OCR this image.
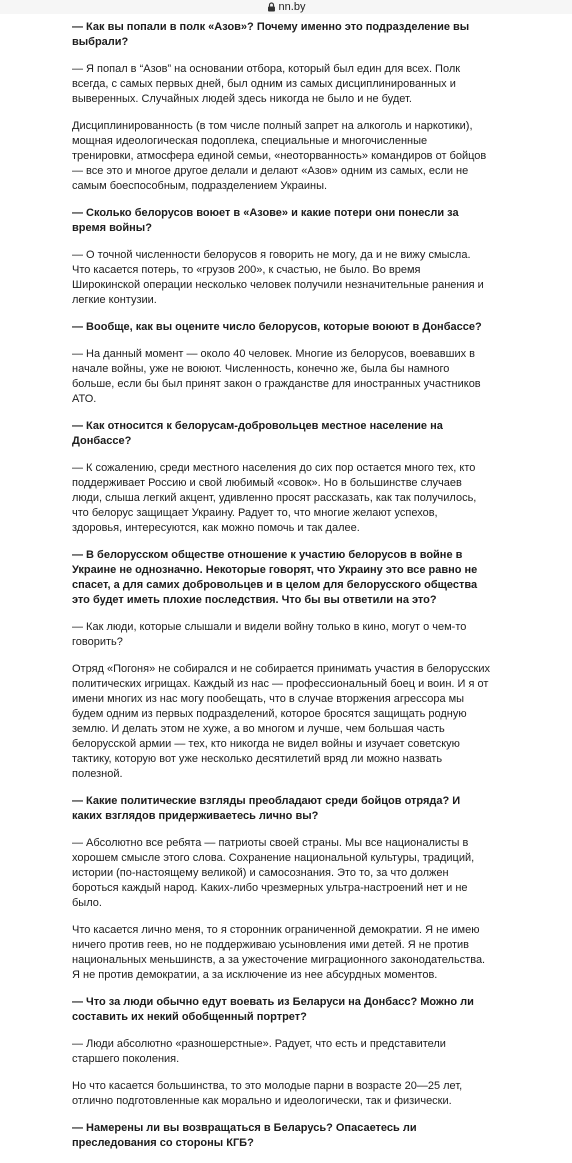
nn.by

— Как вы попали в полк «Азов»? Почему именно это подразделение вы выбрали?

— Я попал в “Азов” на основании отбора, который был един для всех. Полк всегда, с самых первых дней, был одним из самых дисциплинированных и выверенных. Случайных людей здесь никогда не было и не будет.

Дисциплинированность (в том числе полный запрет на алкоголь и наркотики), мощная идеологическая подоплека, специальные и многочисленные тренировки, атмосфера единой семьи, «неоторванность» командиров от бойцов — все это и многое другое делали и делают «Азов» одним из самых, если не самым боеспособным, подразделением Украины.

— Сколько белорусов воюет в «Азове» и какие потери они понесли за время войны?

— О точной численности белорусов я говорить не могу, да и не вижу смысла. Что касается потерь, то «грузов 200», к счастью, не было. Во время Широкинской операции несколько человек получили незначительные ранения и легкие контузии.

— Вообще, как вы оцените число белорусов, которые воюют в Донбассе?

— На данный момент — около 40 человек. Многие из белорусов, воевавших в начале войны, уже не воюют. Численность, конечно же, была бы намного больше, если бы был принят закон о гражданстве для иностранных участников АТО.

— Как относится к белорусам-добровольцев местное население на Донбассе?

— К сожалению, среди местного населения до сих пор остается много тех, кто поддерживает Россию и свой любимый «совок». Но в большинстве случаев люди, слыша легкий акцент, удивленно просят рассказать, как так получилось, что белорус защищает Украину. Радует то, что многие желают успехов, здоровья, интересуются, как можно помочь и так далее.

— В белорусском обществе отношение к участию белорусов в войне в Украине не однозначно. Некоторые говорят, что Украину это все равно не спасет, а для самих добровольцев и в целом для белорусского общества это будет иметь плохие последствия. Что бы вы ответили на это?

— Как люди, которые слышали и видели войну только в кино, могут о чем-то говорить?

Отряд «Погоня» не собирался и не собирается принимать участия в белорусских политических игрищах. Каждый из нас — профессиональный боец и воин. И я от имени многих из нас могу пообещать, что в случае вторжения агрессора мы будем одним из первых подразделений, которое бросятся защищать родную землю. И делать этом не хуже, а во многом и лучше, чем большая часть белорусской армии — тех, кто никогда не видел войны и изучает советскую тактику, которую вот уже несколько десятилетий вряд ли можно назвать полезной.

— Какие политические взгляды преобладают среди бойцов отряда? И каких взглядов придерживаетесь лично вы?

— Абсолютно все ребята — патриоты своей страны. Мы все националисты в хорошем смысле этого слова. Сохранение национальной культуры, традиций, истории (по-настоящему великой) и самосознания. Это то, за что должен бороться каждый народ. Каких-либо чрезмерных ультра-настроений нет и не было.

Что касается лично меня, то я сторонник ограниченной демократии. Я не имею ничего против геев, но не поддерживаю усыновления ими детей. Я не против национальных меньшинств, а за ужесточение миграционного законодательства. Я не против демократии, а за исключение из нее абсурдных моментов.

— Что за люди обычно едут воевать из Беларуси на Донбасс? Можно ли составить их некий обобщенный портрет?

— Люди абсолютно «разношерстные». Радует, что есть и представители старшего поколения.

Но что касается большинства, то это молодые парни в возрасте 20—25 лет, отлично подготовленные как морально и идеологически, так и физически.

— Намерены ли вы возвращаться в Беларусь? Опасаетесь ли преследования со стороны КГБ?
